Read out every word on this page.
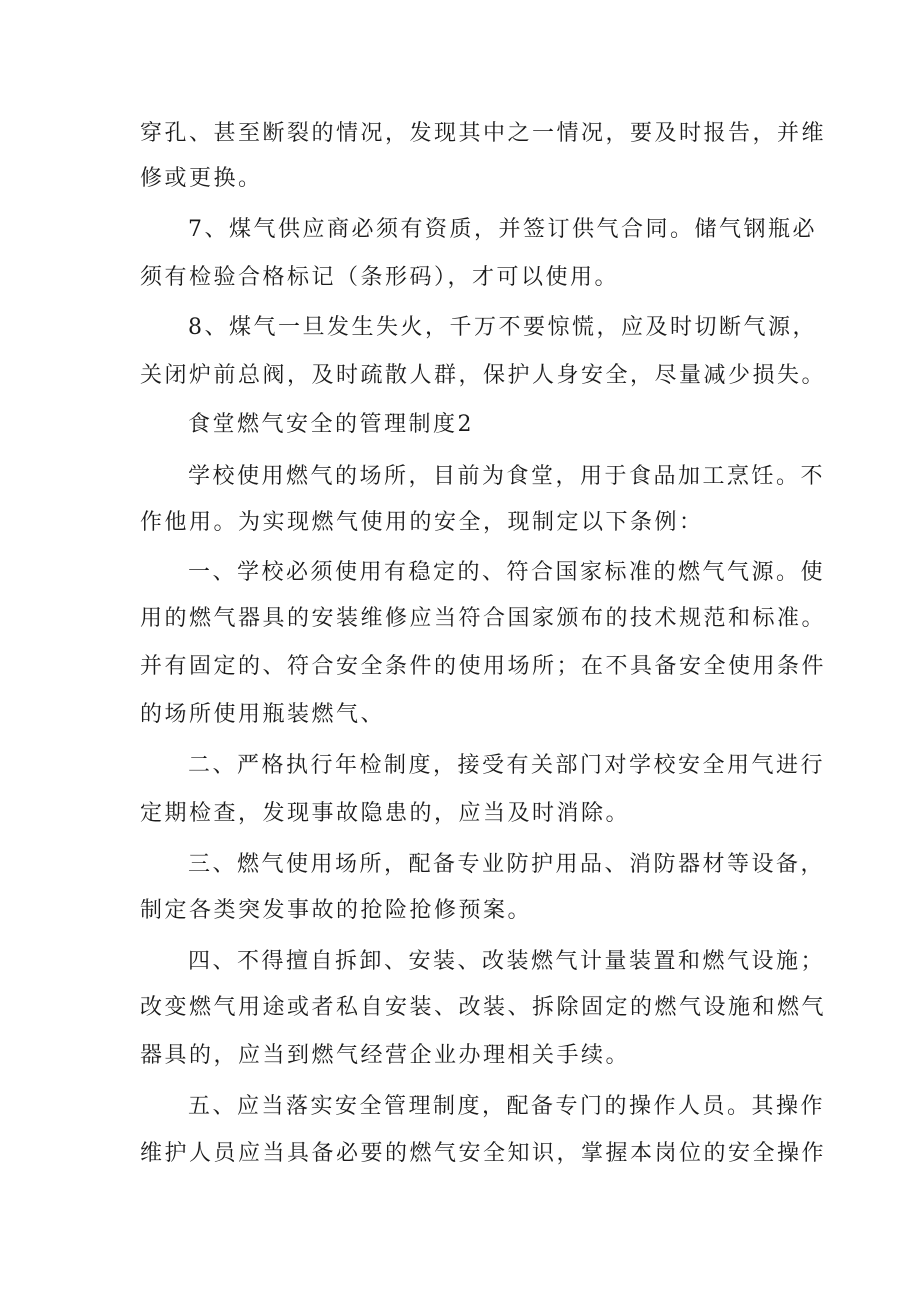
穿孔、甚至断裂的情况，发现其中之一情况，要及时报告，并维
修或更换。
7、煤气供应商必须有资质，并签订供气合同。储气钢瓶必
须有检验合格标记（条形码），才可以使用。
8、煤气一旦发生失火，千万不要惊慌，应及时切断气源，
关闭炉前总阀，及时疏散人群，保护人身安全，尽量减少损失。
食堂燃气安全的管理制度2
学校使用燃气的场所，目前为食堂，用于食品加工烹饪。不
作他用。为实现燃气使用的安全，现制定以下条例：
一、学校必须使用有稳定的、符合国家标准的燃气气源。使
用的燃气器具的安装维修应当符合国家颁布的技术规范和标准。
并有固定的、符合安全条件的使用场所；在不具备安全使用条件
的场所使用瓶装燃气、
二、严格执行年检制度，接受有关部门对学校安全用气进行
定期检查，发现事故隐患的，应当及时消除。
三、燃气使用场所，配备专业防护用品、消防器材等设备，
制定各类突发事故的抢险抢修预案。
四、不得擅自拆卸、安装、改装燃气计量装置和燃气设施；
改变燃气用途或者私自安装、改装、拆除固定的燃气设施和燃气
器具的，应当到燃气经营企业办理相关手续。
五、应当落实安全管理制度，配备专门的操作人员。其操作
维护人员应当具备必要的燃气安全知识，掌握本岗位的安全操作
